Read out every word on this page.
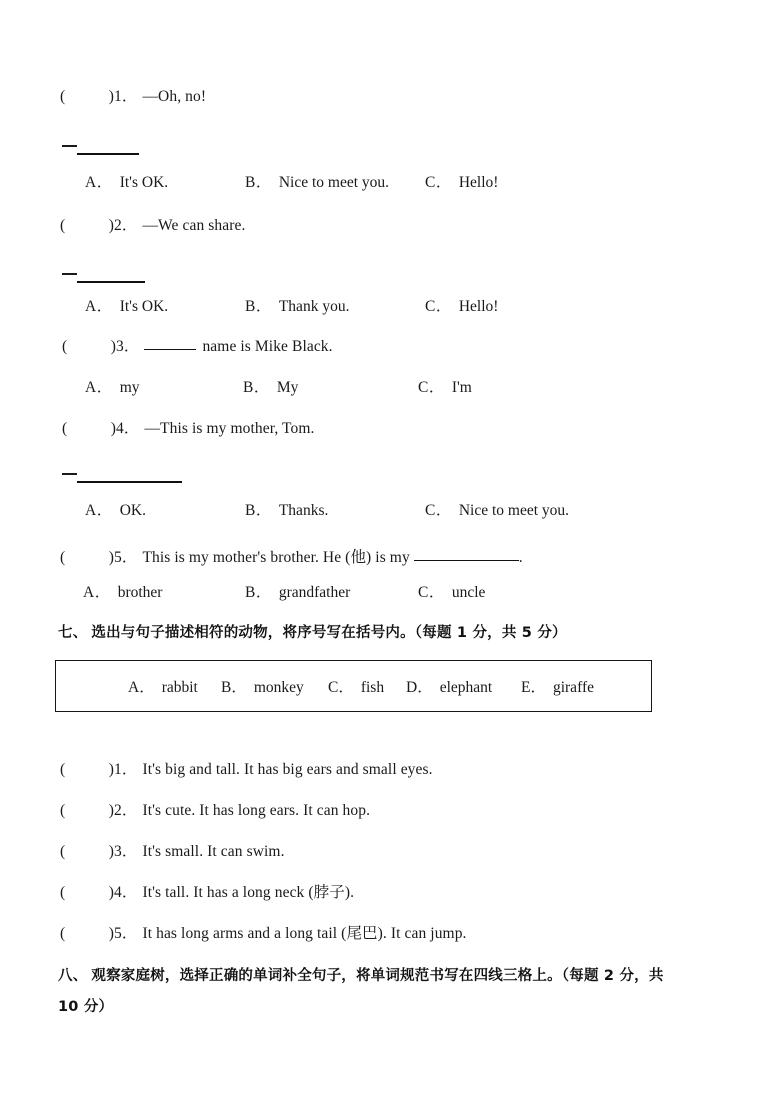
(	) 1． —Oh, no!
A． It's OK.	B． Nice to meet you. C． Hello!
(	) 2． —We can share.
A． It's OK.	B． Thank you.	C． Hello!
(	) 3．	name is Mike Black.
A． my	B． My	C． I'm
(	) 4． —This is my mother, Tom.
A． OK.	B． Thanks.	C． Nice to meet you.
(	) 5． This is my mother's brother. He (他) is my	.
A． brother	B． grandfather	C． uncle
七、 选出与句子描述相符的动物，将序号写在括号内。（每题 1 分，共 5 分）
A． rabbit B． monkey C． fish D． elephant E． giraffe
(	) 1． It's big and tall. It has big ears and small eyes.
(	) 2． It's cute. It has long ears. It can hop.
(	) 3． It's small. It can swim.
(	) 4． It's tall. It has a long neck (脖子).
(	) 5． It has long arms and a long tail (尾巴). It can jump.
八、 观察家庭树，选择正确的单词补全句子，将单词规范书写在四线三格上。（每题 2 分，共
10 分）
